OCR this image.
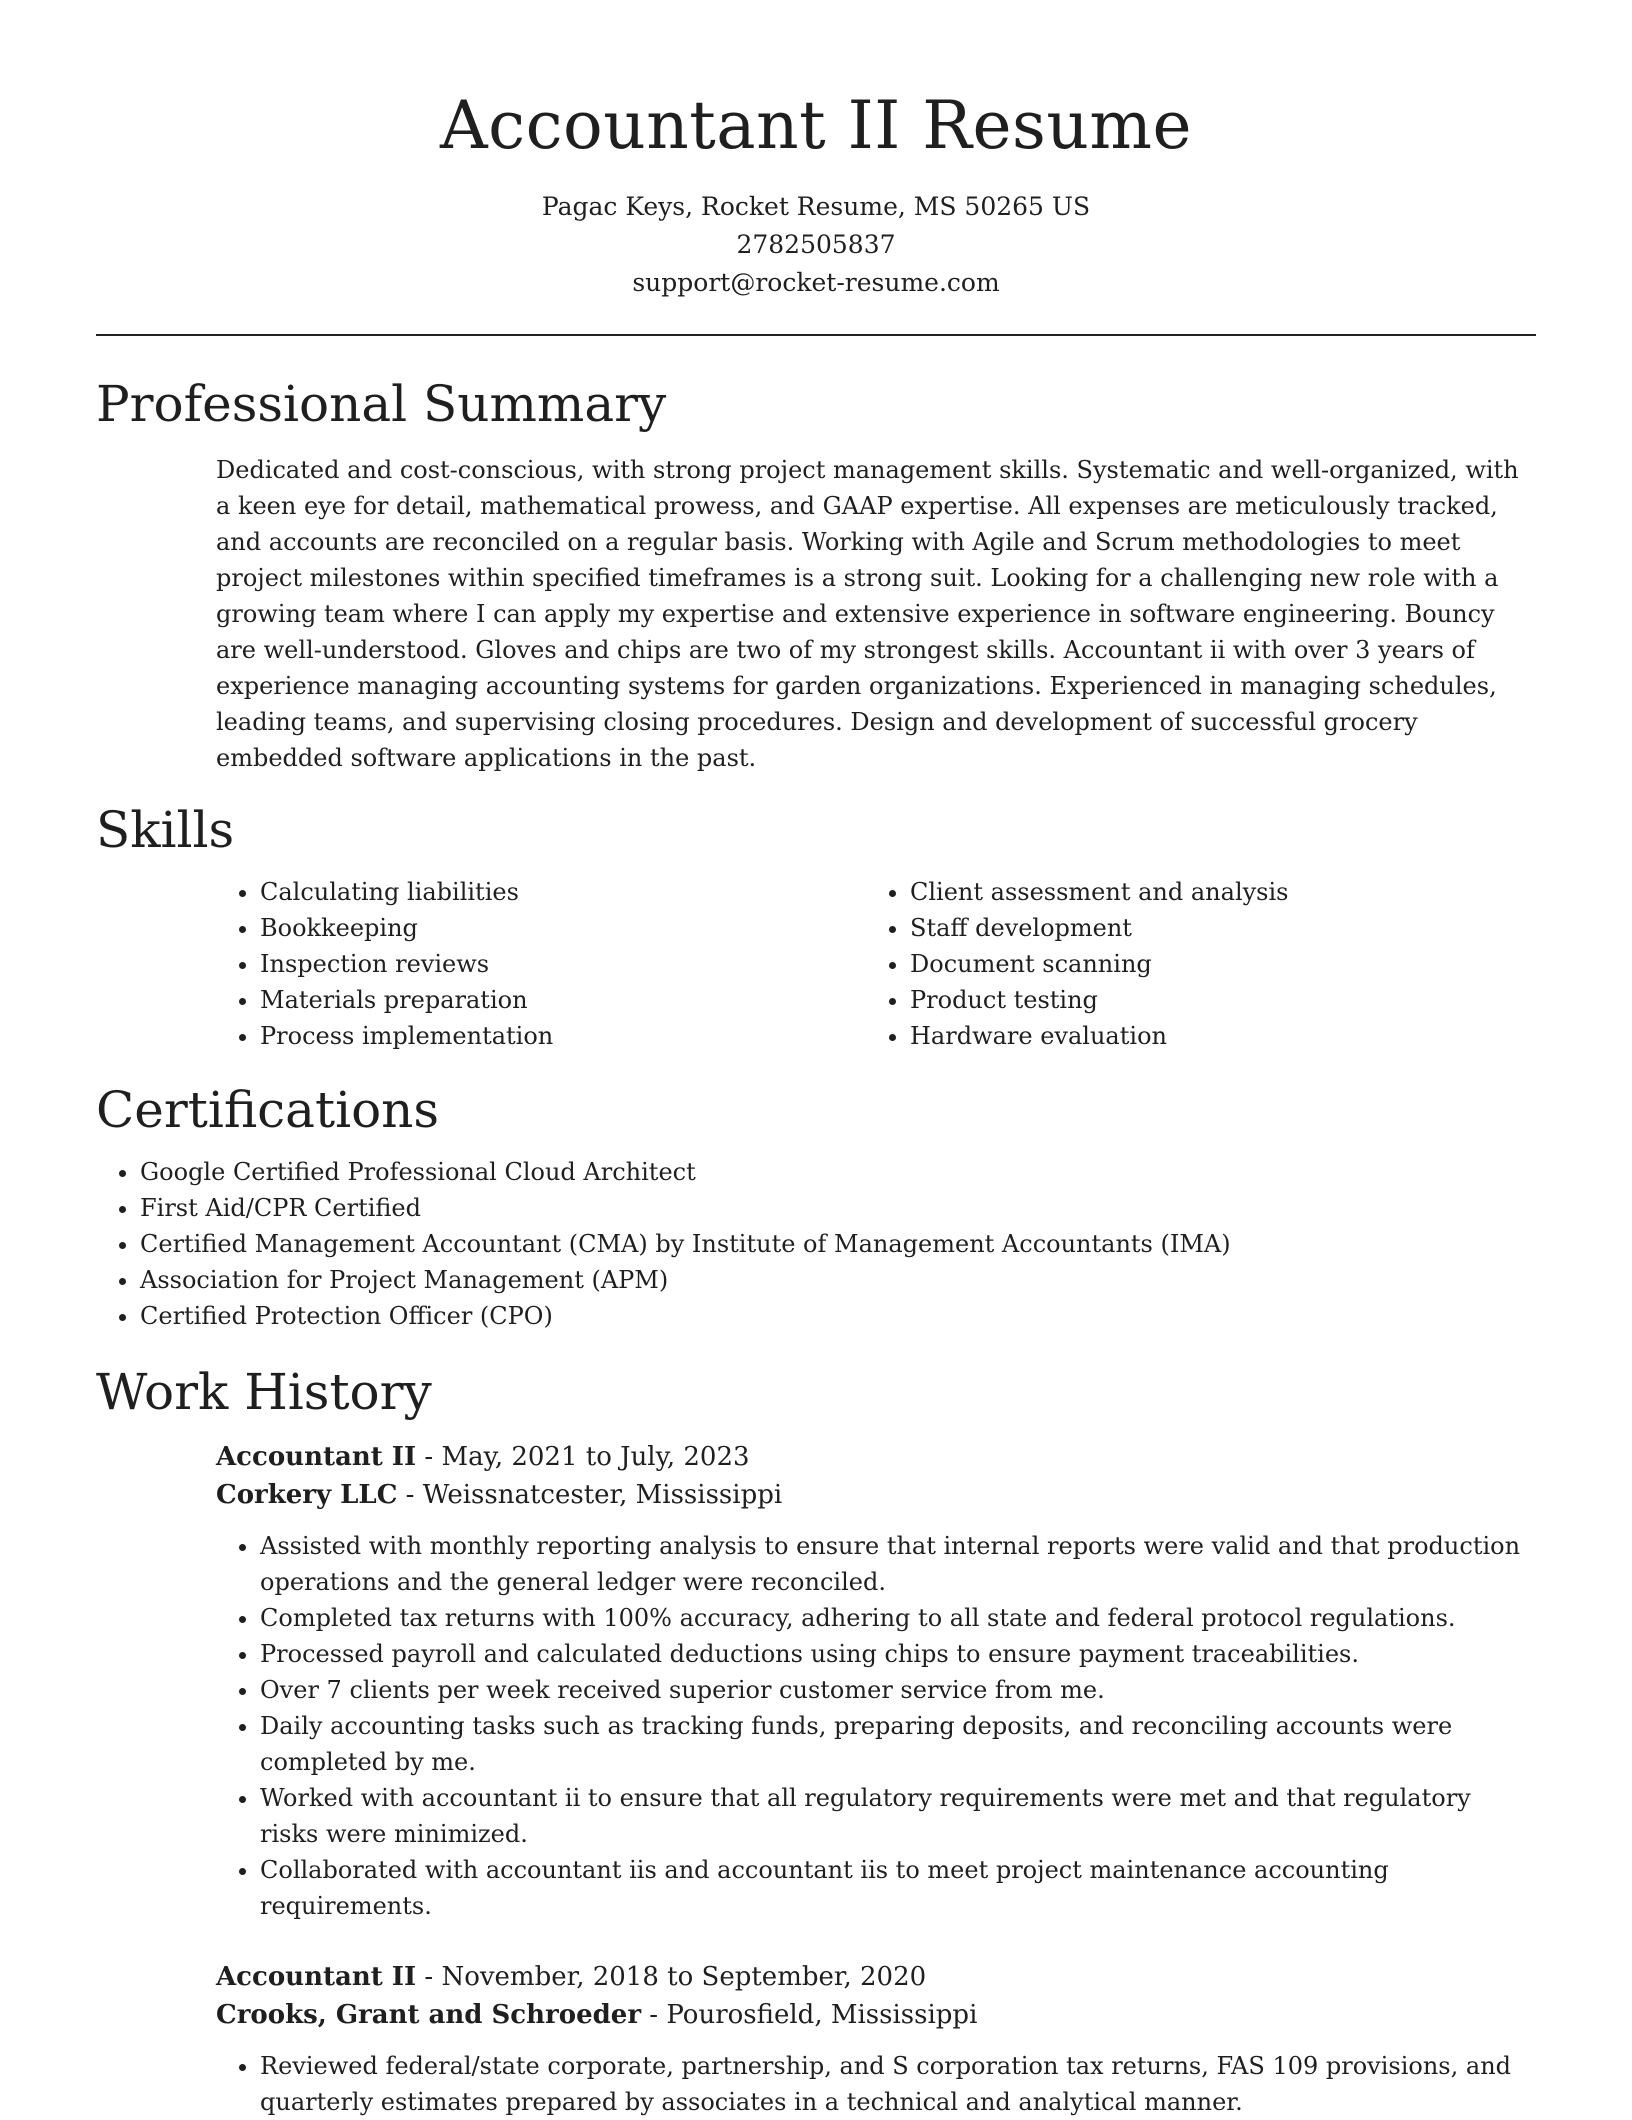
Accountant II Resume
Pagac Keys, Rocket Resume, MS 50265 US
2782505837
support@rocket-resume.com
Professional Summary

Dedicated and cost-conscious, with strong project management skills. Systematic and well-organized, with a keen eye for detail, mathematical prowess, and GAAP expertise. All expenses are meticulously tracked, and accounts are reconciled on a regular basis. Working with Agile and Scrum methodologies to meet project milestones within specified timeframes is a strong suit. Looking for a challenging new role with a growing team where I can apply my expertise and extensive experience in software engineering. Bouncy are well-understood. Gloves and chips are two of my strongest skills. Accountant ii with over 3 years of experience managing accounting systems for garden organizations. Experienced in managing schedules, leading teams, and supervising closing procedures. Design and development of successful grocery embedded software applications in the past.

Skills
• Calculating liabilities
• Bookkeeping
• Inspection reviews
• Materials preparation
• Process implementation
• Client assessment and analysis
• Staff development
• Document scanning
• Product testing
• Hardware evaluation
Certifications
• Google Certified Professional Cloud Architect
• First Aid/CPR Certified
• Certified Management Accountant (CMA) by Institute of Management Accountants (IMA)
• Association for Project Management (APM)
• Certified Protection Officer (CPO)
Work History
Accountant II - May, 2021 to July, 2023
Corkery LLC - Weissnatcester, Mississippi
• Assisted with monthly reporting analysis to ensure that internal reports were valid and that production operations and the general ledger were reconciled.
• Completed tax returns with 100% accuracy, adhering to all state and federal protocol regulations.
• Processed payroll and calculated deductions using chips to ensure payment traceabilities.
• Over 7 clients per week received superior customer service from me.
• Daily accounting tasks such as tracking funds, preparing deposits, and reconciling accounts were completed by me.
• Worked with accountant ii to ensure that all regulatory requirements were met and that regulatory risks were minimized.
• Collaborated with accountant iis and accountant iis to meet project maintenance accounting requirements.
Accountant II - November, 2018 to September, 2020
Crooks, Grant and Schroeder - Pourosfield, Mississippi
• Reviewed federal/state corporate, partnership, and S corporation tax returns, FAS 109 provisions, and quarterly estimates prepared by associates in a technical and analytical manner.
